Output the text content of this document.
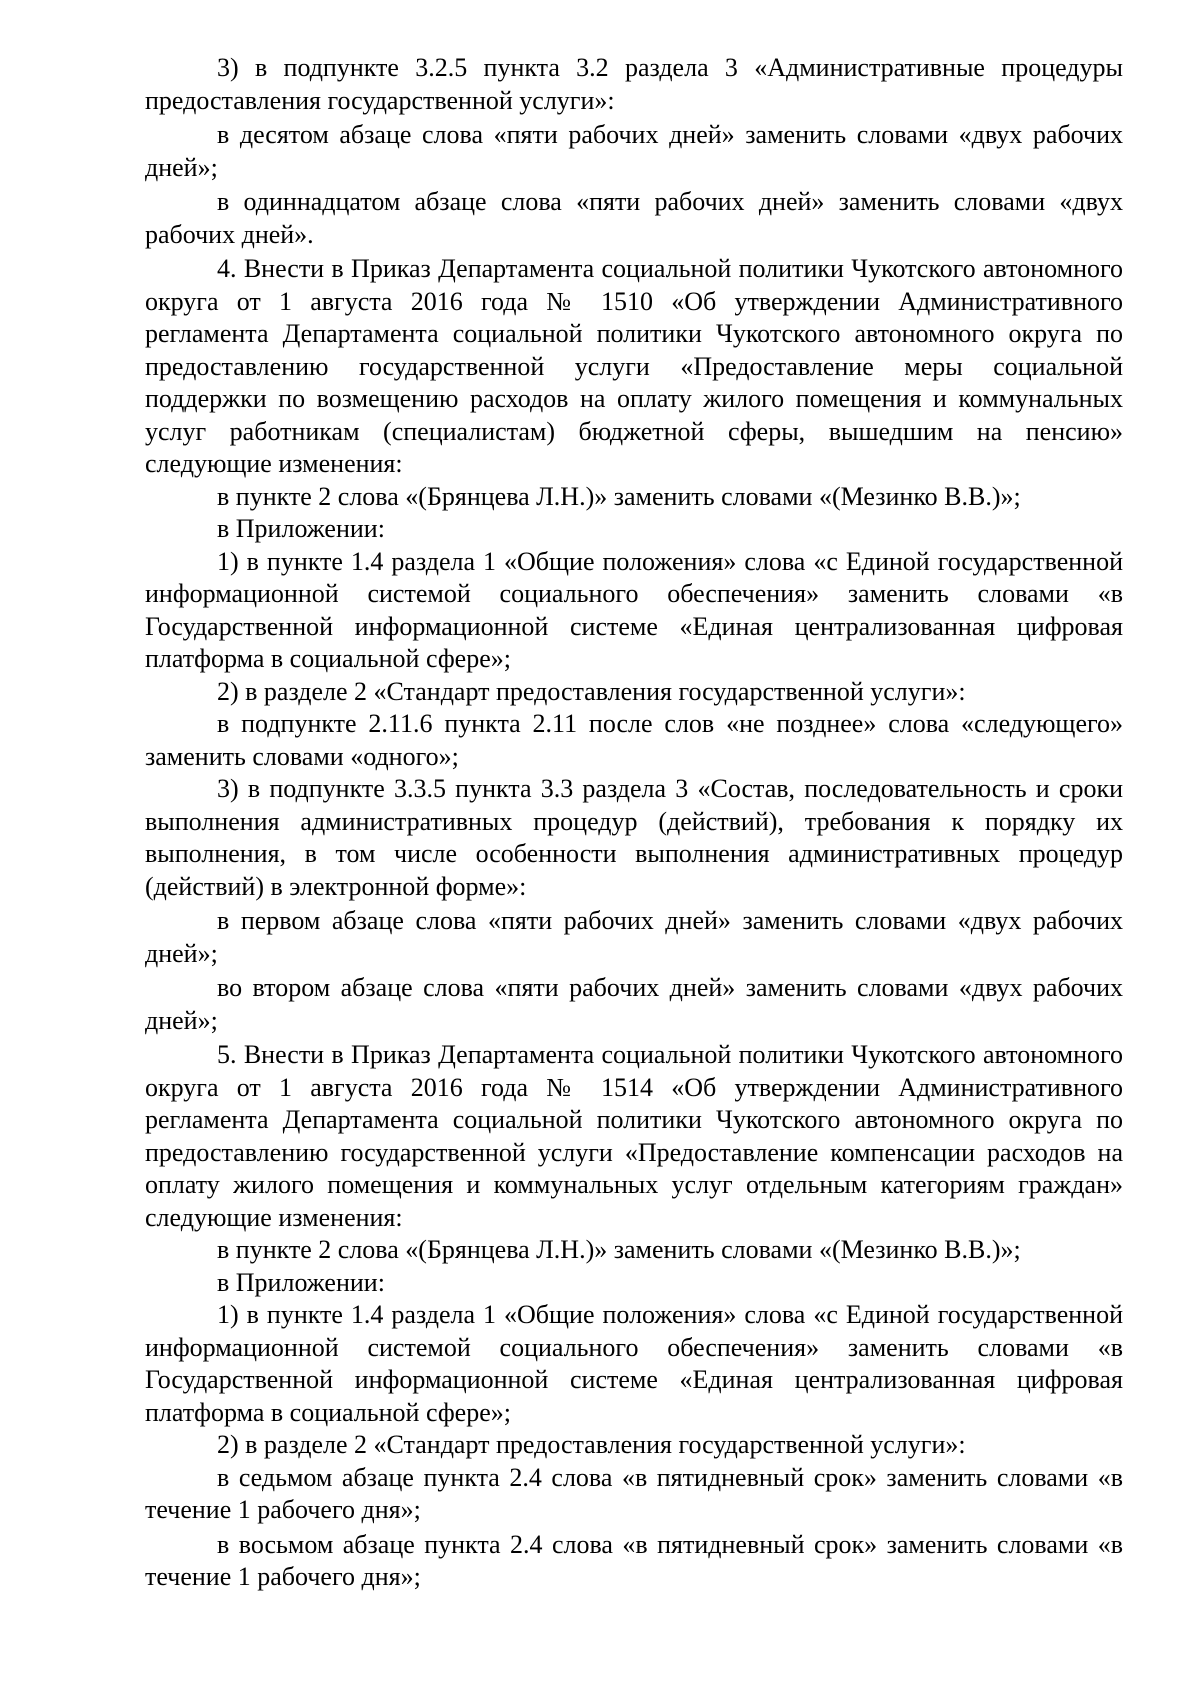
3) в подпункте 3.2.5 пункта 3.2 раздела 3 «Административные процедуры предоставления государственной услуги»:

в десятом абзаце слова «пяти рабочих дней» заменить словами «двух рабочих дней»;

в одиннадцатом абзаце слова «пяти рабочих дней» заменить словами «двух рабочих дней».

4. Внести в Приказ Департамента социальной политики Чукотского автономного округа от 1 августа 2016 года № 1510 «Об утверждении Административного регламента Департамента социальной политики Чукотского автономного округа по предоставлению государственной услуги «Предоставление меры социальной поддержки по возмещению расходов на оплату жилого помещения и коммунальных услуг работникам (специалистам) бюджетной сферы, вышедшим на пенсию» следующие изменения:

в пункте 2 слова «(Брянцева Л.Н.)» заменить словами «(Мезинко В.В.)»;

в Приложении:

1) в пункте 1.4 раздела 1 «Общие положения» слова «с Единой государственной информационной системой социального обеспечения» заменить словами «в Государственной информационной системе «Единая централизованная цифровая платформа в социальной сфере»;

2) в разделе 2 «Стандарт предоставления государственной услуги»:

в подпункте 2.11.6 пункта 2.11 после слов «не позднее» слова «следующего» заменить словами «одного»;

3) в подпункте 3.3.5 пункта 3.3 раздела 3 «Состав, последовательность и сроки выполнения административных процедур (действий), требования к порядку их выполнения, в том числе особенности выполнения административных процедур (действий) в электронной форме»:

в первом абзаце слова «пяти рабочих дней» заменить словами «двух рабочих дней»;

во втором абзаце слова «пяти рабочих дней» заменить словами «двух рабочих дней»;

5. Внести в Приказ Департамента социальной политики Чукотского автономного округа от 1 августа 2016 года № 1514 «Об утверждении Административного регламента Департамента социальной политики Чукотского автономного округа по предоставлению государственной услуги «Предоставление компенсации расходов на оплату жилого помещения и коммунальных услуг отдельным категориям граждан» следующие изменения:

в пункте 2 слова «(Брянцева Л.Н.)» заменить словами «(Мезинко В.В.)»;

в Приложении:

1) в пункте 1.4 раздела 1 «Общие положения» слова «с Единой государственной информационной системой социального обеспечения» заменить словами «в Государственной информационной системе «Единая централизованная цифровая платформа в социальной сфере»;

2) в разделе 2 «Стандарт предоставления государственной услуги»:

в седьмом абзаце пункта 2.4 слова «в пятидневный срок» заменить словами «в течение 1 рабочего дня»;

в восьмом абзаце пункта 2.4 слова «в пятидневный срок» заменить словами «в течение 1 рабочего дня»;
